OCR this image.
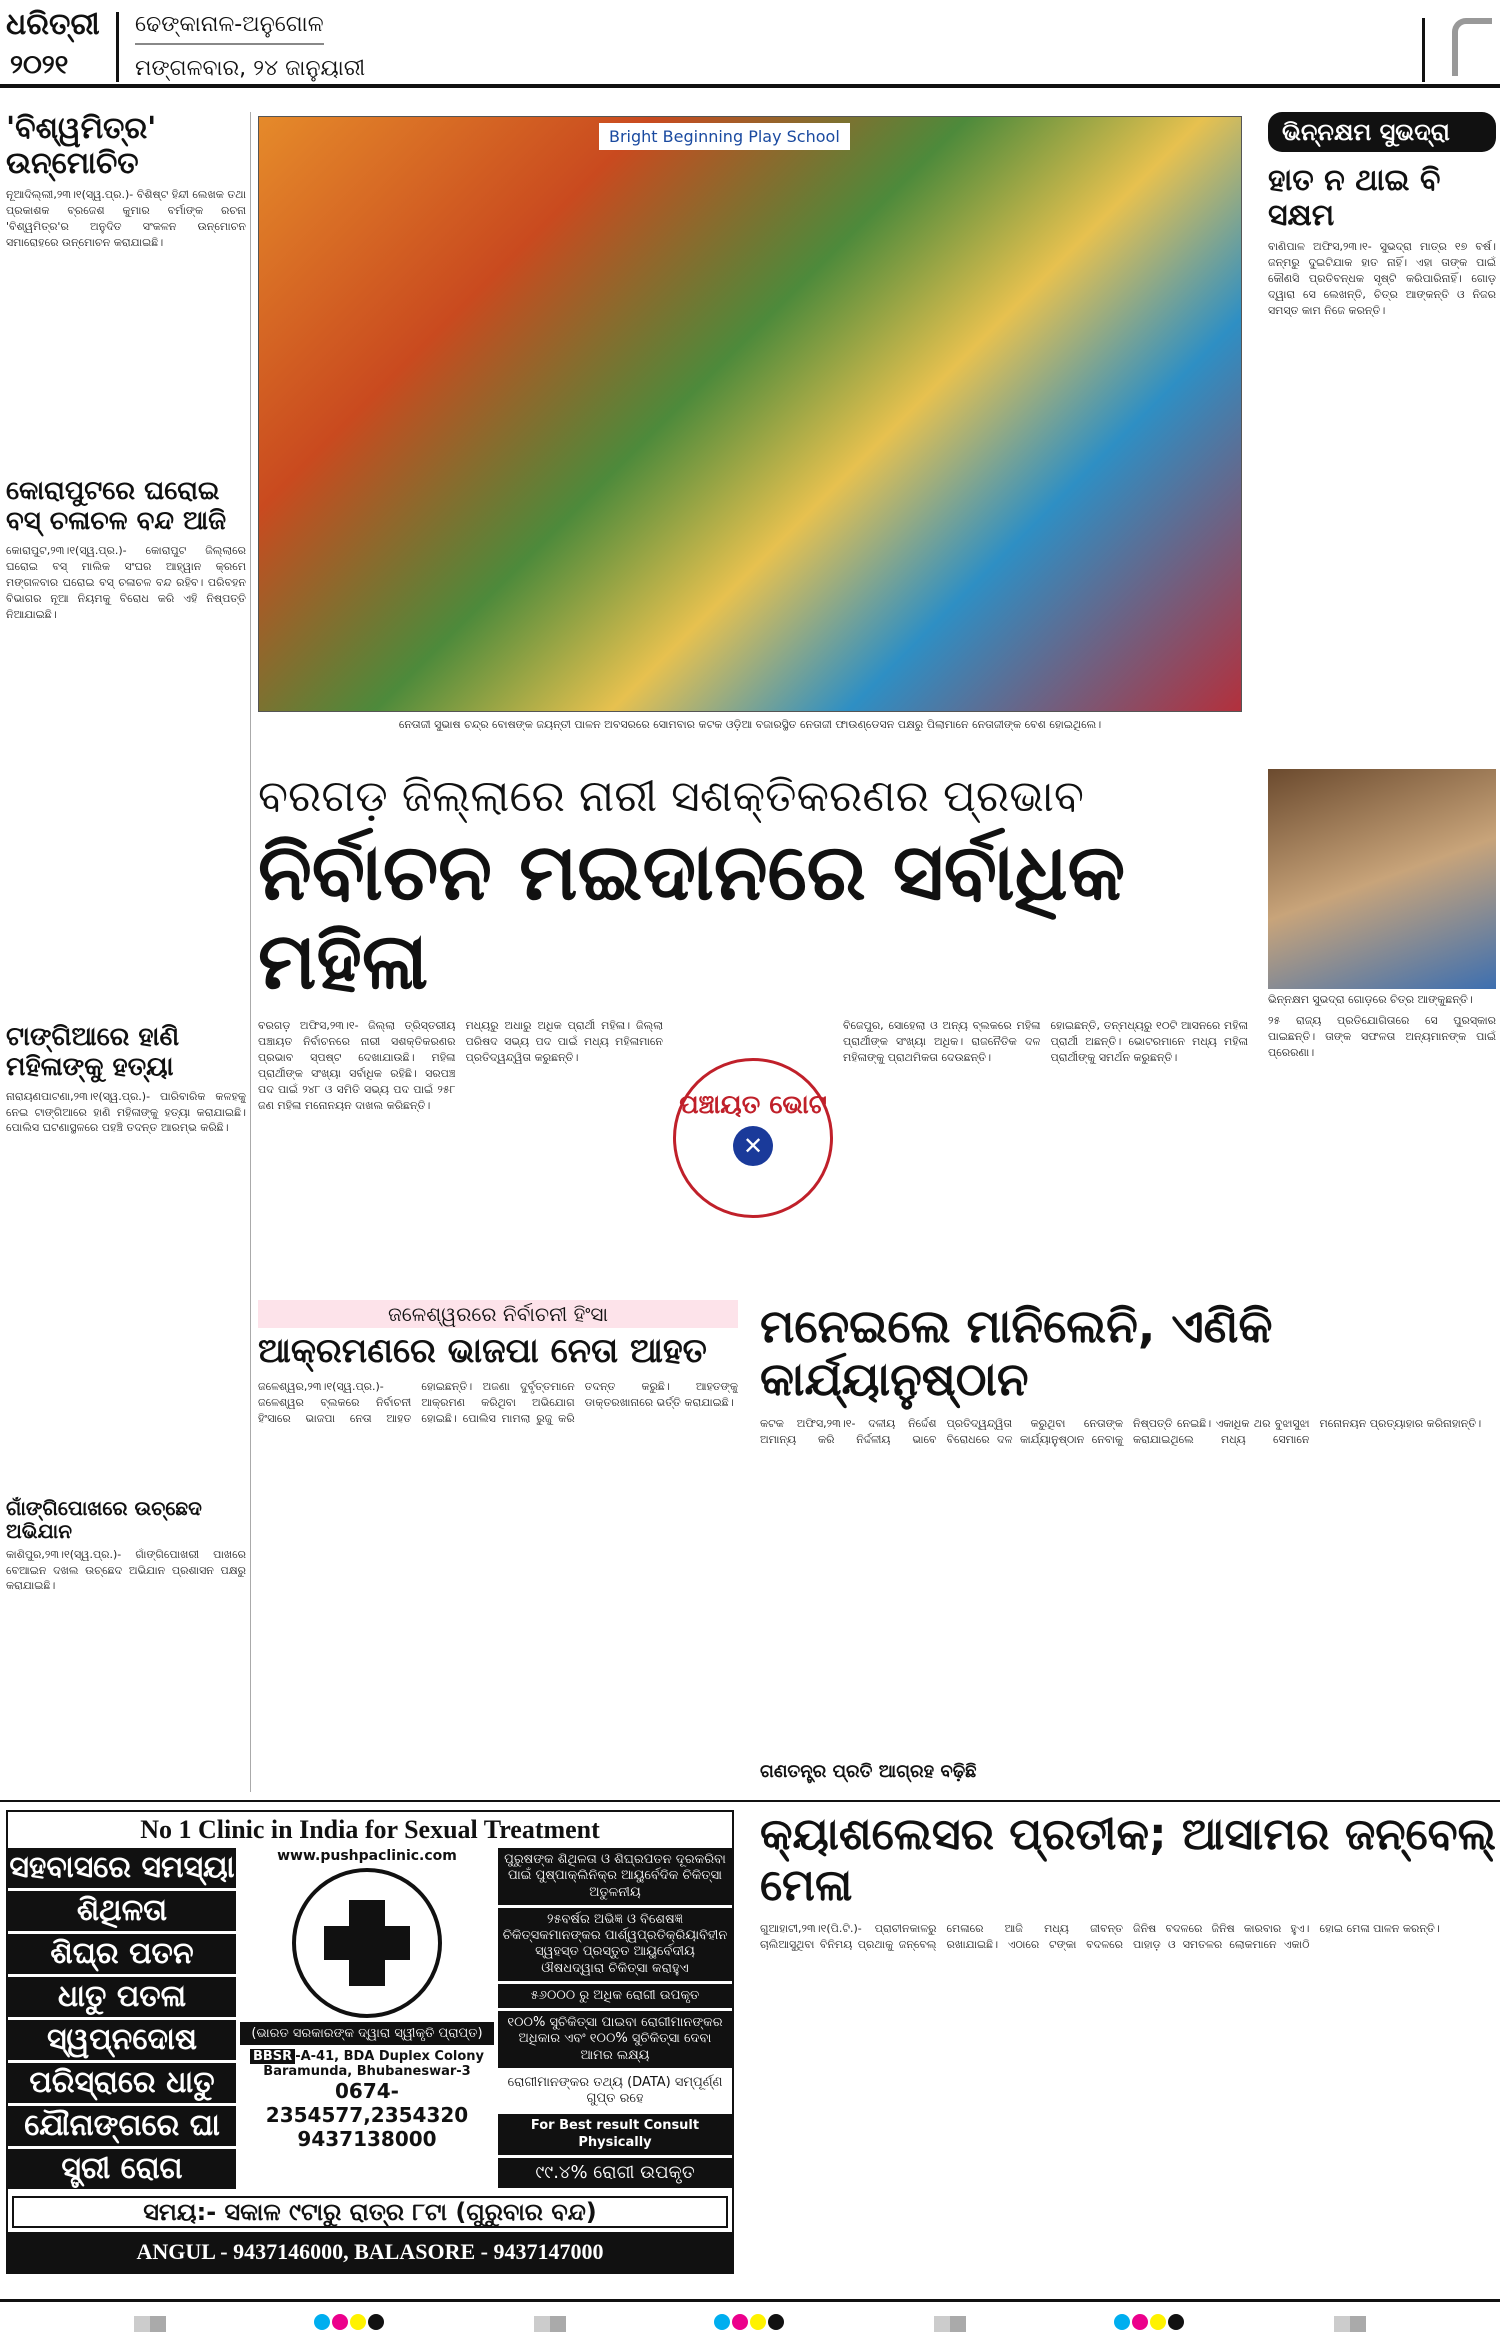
ଧରିତ୍ରୀ
୨୦୨୧
ଢେଙ୍କାନାଳ-ଅନୁଗୋଳ
ମଙ୍ଗଳବାର, ୨୪ ଜାନୁୟାରୀ
'ବିଶ୍ୱମିତ୍ର' ଉନ୍ମୋଚିତ
ନୂଆଦିଲ୍ଲୀ,୨୩।୧(ସ୍ୱ.ପ୍ର.)- ବିଶିଷ୍ଟ ହିନ୍ଦୀ ଲେଖକ ତଥା ପ୍ରକାଶକ ବ୍ରଜେଶ କୁମାର ବର୍ମାଙ୍କ ରଚନା 'ବିଶ୍ୱମିତ୍ର'ର ଅନୁଦିତ ସଂକଳନ ଉନ୍ମୋଚନ ସମାରୋହରେ ଉନ୍ମୋଚନ କରାଯାଇଛି।
କୋରାପୁଟରେ ଘରୋଇ ବସ୍ ଚଳାଚଳ ବନ୍ଦ ଆଜି
କୋରାପୁଟ,୨୩।୧(ସ୍ୱ.ପ୍ର.)- କୋରାପୁଟ ଜିଲ୍ଲାରେ ଘରୋଇ ବସ୍ ମାଲିକ ସଂଘର ଆହ୍ୱାନ କ୍ରମେ ମଙ୍ଗଳବାର ଘରୋଇ ବସ୍ ଚଳାଚଳ ବନ୍ଦ ରହିବ। ପରିବହନ ବିଭାଗର ନୂଆ ନିୟମକୁ ବିରୋଧ କରି ଏହି ନିଷ୍ପତ୍ତି ନିଆଯାଇଛି।
ଟାଙ୍ଗିଆରେ ହାଣି ମହିଳାଙ୍କୁ ହତ୍ୟା
ନାରାୟଣପାଟଣା,୨୩।୧(ସ୍ୱ.ପ୍ର.)- ପାରିବାରିକ କଳହକୁ ନେଇ ଟାଙ୍ଗିଆରେ ହାଣି ମହିଳାଙ୍କୁ ହତ୍ୟା କରାଯାଇଛି। ପୋଲିସ ଘଟଣାସ୍ଥଳରେ ପହଞ୍ଚି ତଦନ୍ତ ଆରମ୍ଭ କରିଛି।
ଗାଁଙ୍ଗିପୋଖରେ ଉଚ୍ଛେଦ ଅଭିଯାନ
କାଶିପୁର,୨୩।୧(ସ୍ୱ.ପ୍ର.)- ଗାଁଙ୍ଗିପୋଖରୀ ପାଖରେ ବେଆଇନ ଦଖଲ ଉଚ୍ଛେଦ ଅଭିଯାନ ପ୍ରଶାସନ ପକ୍ଷରୁ କରାଯାଇଛି।
Bright Beginning Play School
ନେତାଜୀ ସୁଭାଷ ଚନ୍ଦ୍ର ବୋଷଙ୍କ ଜୟନ୍ତୀ ପାଳନ ଅବସରରେ ସୋମବାର କଟକ ଓଡ଼ିଆ ବଜାରସ୍ଥିତ ନେତାଜୀ ଫାଉଣ୍ଡେସନ ପକ୍ଷରୁ ପିଲାମାନେ ନେତାଜୀଙ୍କ ବେଶ ହୋଇଥିଲେ।
ଭିନ୍ନକ୍ଷମ ସୁଭଦ୍ରା
ହାତ ନ ଥାଇ ବି ସକ୍ଷମ
ବାଣିପାଳ ଅଫିସ,୨୩।୧- ସୁଭଦ୍ରା ମାତ୍ର ୧୭ ବର୍ଷ। ଜନ୍ମରୁ ଦୁଇଟିଯାକ ହାତ ନାହିଁ। ଏହା ତାଙ୍କ ପାଇଁ କୌଣସି ପ୍ରତିବନ୍ଧକ ସୃଷ୍ଟି କରିପାରିନାହିଁ। ଗୋଡ଼ ଦ୍ୱାରା ସେ ଲେଖନ୍ତି, ଚିତ୍ର ଆଙ୍କନ୍ତି ଓ ନିଜର ସମସ୍ତ କାମ ନିଜେ କରନ୍ତି।
ଭିନ୍ନକ୍ଷମ ସୁଭଦ୍ରା ଗୋଡ଼ରେ ଚିତ୍ର ଆଙ୍କୁଛନ୍ତି।
୨୫ ରାଜ୍ୟ ପ୍ରତିଯୋଗିତାରେ ସେ ପୁରସ୍କାର ପାଇଛନ୍ତି। ତାଙ୍କ ସଫଳତା ଅନ୍ୟମାନଙ୍କ ପାଇଁ ପ୍ରେରଣା।
ବରଗଡ଼ ଜିଲ୍ଲାରେ ନାରୀ ସଶକ୍ତିକରଣର ପ୍ରଭାବ
ନିର୍ବାଚନ ମଇଦାନରେ ସର୍ବାଧିକ ମହିଳା
ବରଗଡ଼ ଅଫିସ,୨୩।୧- ଜିଲ୍ଲା ତ୍ରିସ୍ତରୀୟ ପଞ୍ଚାୟତ ନିର୍ବାଚନରେ ନାରୀ ସଶକ୍ତିକରଣର ପ୍ରଭାବ ସ୍ପଷ୍ଟ ଦେଖାଯାଉଛି। ମହିଳା ପ୍ରାର୍ଥୀଙ୍କ ସଂଖ୍ୟା ସର୍ବାଧିକ ରହିଛି। ସରପଞ୍ଚ ପଦ ପାଇଁ ୨୪୮ ଓ ସମିତି ସଭ୍ୟ ପଦ ପାଇଁ ୨୫୮ ଜଣ ମହିଳା ମନୋନୟନ ଦାଖଲ କରିଛନ୍ତି।
ମଧ୍ୟରୁ ଅଧାରୁ ଅଧିକ ପ୍ରାର୍ଥୀ ମହିଳା। ଜିଲ୍ଲା ପରିଷଦ ସଭ୍ୟ ପଦ ପାଇଁ ମଧ୍ୟ ମହିଳାମାନେ ପ୍ରତିଦ୍ୱନ୍ଦ୍ୱିତା କରୁଛନ୍ତି।
ପଞ୍ଚାୟତ ଭୋଟ
✕
ବିଜେପୁର, ସୋହେଲା ଓ ଅନ୍ୟ ବ୍ଲକରେ ମହିଳା ପ୍ରାର୍ଥୀଙ୍କ ସଂଖ୍ୟା ଅଧିକ। ରାଜନୈତିକ ଦଳ ମହିଳାଙ୍କୁ ପ୍ରାଥମିକତା ଦେଉଛନ୍ତି।
ହୋଇଛନ୍ତି, ତନ୍ମଧ୍ୟରୁ ୧୦ଟି ଆସନରେ ମହିଳା ପ୍ରାର୍ଥୀ ଅଛନ୍ତି। ଭୋଟରମାନେ ମଧ୍ୟ ମହିଳା ପ୍ରାର୍ଥୀଙ୍କୁ ସମର୍ଥନ କରୁଛନ୍ତି।
ଜଳେଶ୍ୱରରେ ନିର୍ବାଚନୀ ହିଂସା
ଆକ୍ରମଣରେ ଭାଜପା ନେତା ଆହତ
ଜଳେଶ୍ୱର,୨୩।୧(ସ୍ୱ.ପ୍ର.)- ଜଳେଶ୍ୱର ବ୍ଲକରେ ନିର୍ବାଚନୀ ହିଂସାରେ ଭାଜପା ନେତା ଆହତ ହୋଇଛନ୍ତି। ଅଜଣା ଦୁର୍ବୃତ୍ତମାନେ ଆକ୍ରମଣ କରିଥିବା ଅଭିଯୋଗ ହୋଇଛି। ପୋଲିସ ମାମଲା ରୁଜୁ କରି ତଦନ୍ତ କରୁଛି। ଆହତଙ୍କୁ ଡାକ୍ତରଖାନାରେ ଭର୍ତ୍ତି କରାଯାଇଛି।
ମନେଇଲେ ମାନିଲେନି, ଏଣିକି କାର୍ଯ୍ୟାନୁଷ୍ଠାନ
କଟକ ଅଫିସ,୨୩।୧- ଦଳୀୟ ନିର୍ଦ୍ଦେଶ ଅମାନ୍ୟ କରି ନିର୍ଦ୍ଦଳୀୟ ଭାବେ ପ୍ରତିଦ୍ୱନ୍ଦ୍ୱିତା କରୁଥିବା ନେତାଙ୍କ ବିରୋଧରେ ଦଳ କାର୍ଯ୍ୟାନୁଷ୍ଠାନ ନେବାକୁ ନିଷ୍ପତ୍ତି ନେଇଛି। ଏକାଧିକ ଥର ବୁଝାସୁଝା କରାଯାଇଥିଲେ ମଧ୍ୟ ସେମାନେ ମନୋନୟନ ପ୍ରତ୍ୟାହାର କରିନାହାନ୍ତି।
ଗଣତନ୍ତ୍ର ପ୍ରତି ଆଗ୍ରହ ବଢ଼ିଛି
No 1 Clinic in India for Sexual Treatment
ସହବାସରେ ସମସ୍ୟା
ଶିଥିଳତା
ଶିଘ୍ର ପତନ
ଧାତୁ ପତଳା
ସ୍ୱପ୍ନଦୋଷ
ପରିସ୍ରାରେ ଧାତୁ
ଯୌନାଙ୍ଗରେ ଘା
ସ୍ତ୍ରୀ ରୋଗ
www.pushpaclinic.com
(ଭାରତ ସରକାରଙ୍କ ଦ୍ୱାରା ସ୍ୱୀକୃତି ପ୍ରାପ୍ତ)
BBSR -A-41, BDA Duplex Colony
Baramunda, Bhubaneswar-3
0674-2354577,2354320
9437138000
ପୁରୁଷଙ୍କ ଶିଥିଳତା ଓ ଶିଘ୍ରପତନ ଦୂରକରିବା ପାଇଁ ପୁଷ୍ପାକ୍ଲିନିକ୍ର ଆୟୁର୍ବେଦିକ ଚିକିତ୍ସା ଅତୁଳନୀୟ
୨୫ବର୍ଷର ଅଭିଜ୍ଞ ଓ ବିଶେଷଜ୍ଞ ଚିକିତ୍ସକମାନଙ୍କର ପାର୍ଶ୍ୱପ୍ରତିକ୍ରିୟାବିହୀନ ସ୍ୱହସ୍ତ ପ୍ରସ୍ତୁତ ଆୟୁର୍ବେଦୀୟ ଔଷଧଦ୍ୱାରା ଚିକିତ୍ସା କରାହୁଏ
୫୬୦୦୦ ରୁ ଅଧିକ ରୋଗୀ ଉପକୃତ
୧୦୦% ସୁଚିକିତ୍ସା ପାଇବା ରୋଗୀମାନଙ୍କର ଅଧିକାର ଏବଂ ୧୦୦% ସୁଚିକିତ୍ସା ଦେବା ଆମର ଲକ୍ଷ୍ୟ
ରୋଗୀମାନଙ୍କର ତଥ୍ୟ (DATA) ସମ୍ପୂର୍ଣ୍ଣ ଗୁପ୍ତ ରହେ
For Best result Consult Physically
୯୯.୪% ରୋଗୀ ଉପକୃତ
ସମୟ:- ସକାଳ ୯ଟାରୁ ରାତ୍ର ୮ଟା (ଗୁରୁବାର ବନ୍ଦ)
ANGUL - 9437146000, BALASORE - 9437147000
କ୍ୟାଶଲେସର ପ୍ରତୀକ; ଆସାମର ଜନ୍‌ବେଲ୍ ମେଳା
ଗୁଆହାଟୀ,୨୩।୧(ପି.ଟି.)- ପ୍ରାଚୀନକାଳରୁ ଚାଲିଆସୁଥିବା ବିନିମୟ ପ୍ରଥାକୁ ଜନ୍‌ବେଲ୍ ମେଳାରେ ଆଜି ମଧ୍ୟ ଜୀବନ୍ତ ରଖାଯାଇଛି। ଏଠାରେ ଟଙ୍କା ବଦଳରେ ଜିନିଷ ବଦଳରେ ଜିନିଷ କାରବାର ହୁଏ। ପାହାଡ଼ ଓ ସମତଳର ଲୋକମାନେ ଏକାଠି ହୋଇ ମେଳା ପାଳନ କରନ୍ତି।
